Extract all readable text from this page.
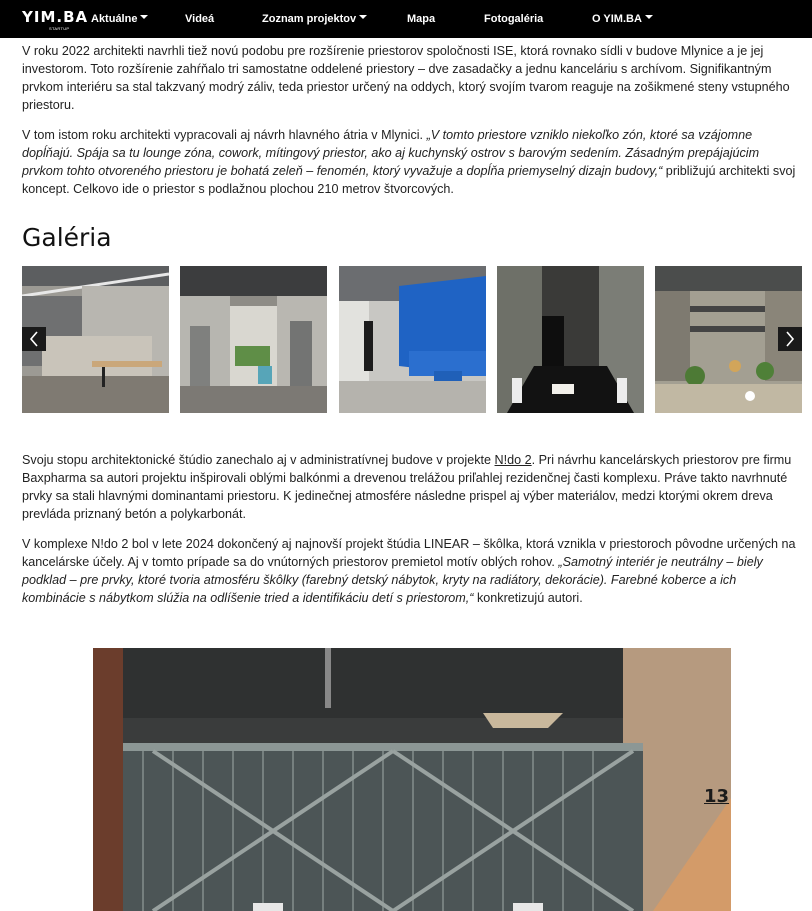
YIM.BA
STARTUP
Aktuálne	Videá	Zoznam projektov	Mapa	Fotogaléria	O YIM.BA

V roku 2022 architekti navrhli tiež novú podobu pre rozšírenie priestorov spoločnosti ISE, ktorá rovnako sídli v budove Mlynice a je jej investorom. Toto rozšírenie zahŕňalo tri samostatne oddelené priestory – dve zasadačky a jednu kanceláriu s archívom. Signifikantným prvkom interiéru sa stal takzvaný modrý záliv, teda priestor určený na oddych, ktorý svojím tvarom reaguje na zošikmené steny vstupného priestoru.

V tom istom roku architekti vypracovali aj návrh hlavného átria v Mlynici. „V tomto priestore vzniklo niekoľko zón, ktoré sa vzájomne dopĺňajú. Spája sa tu lounge zóna, cowork, mítingový priestor, ako aj kuchynský ostrov s barovým sedením. Zásadným prepájajúcim prvkom tohto otvoreného priestoru je bohatá zeleň – fenomén, ktorý vyvažuje a dopĺňa priemyselný dizajn budovy,“ približujú architekti svoj koncept. Celkovo ide o priestor s podlažnou plochou 210 metrov štvorcových.

Galéria

Svoju stopu architektonické štúdio zanechalo aj v administratívnej budove v projekte N!do 2. Pri návrhu kancelárskych priestorov pre firmu Baxpharma sa autori projektu inšpirovali oblými balkónmi a drevenou trelážou priľahlej rezidenčnej časti komplexu. Práve takto navrhnuté prvky sa stali hlavnými dominantami priestoru. K jedinečnej atmosfére následne prispel aj výber materiálov, medzi ktorými okrem dreva prevláda priznaný betón a polykarbonát.

V komplexe N!do 2 bol v lete 2024 dokončený aj najnovší projekt štúdia LINEAR – škôlka, ktorá vznikla v priestoroch pôvodne určených na kancelárske účely. Aj v tomto prípade sa do vnútorných priestorov premietol motív oblých rohov. „Samotný interiér je neutrálny – biely podklad – pre prvky, ktoré tvoria atmosféru škôlky (farebný detský nábytok, kryty na radiátory, dekorácie). Farebné koberce a ich kombinácie s nábytkom slúžia na odlíšenie tried a identifikáciu detí s priestorom,“ konkretizujú autori.

13
